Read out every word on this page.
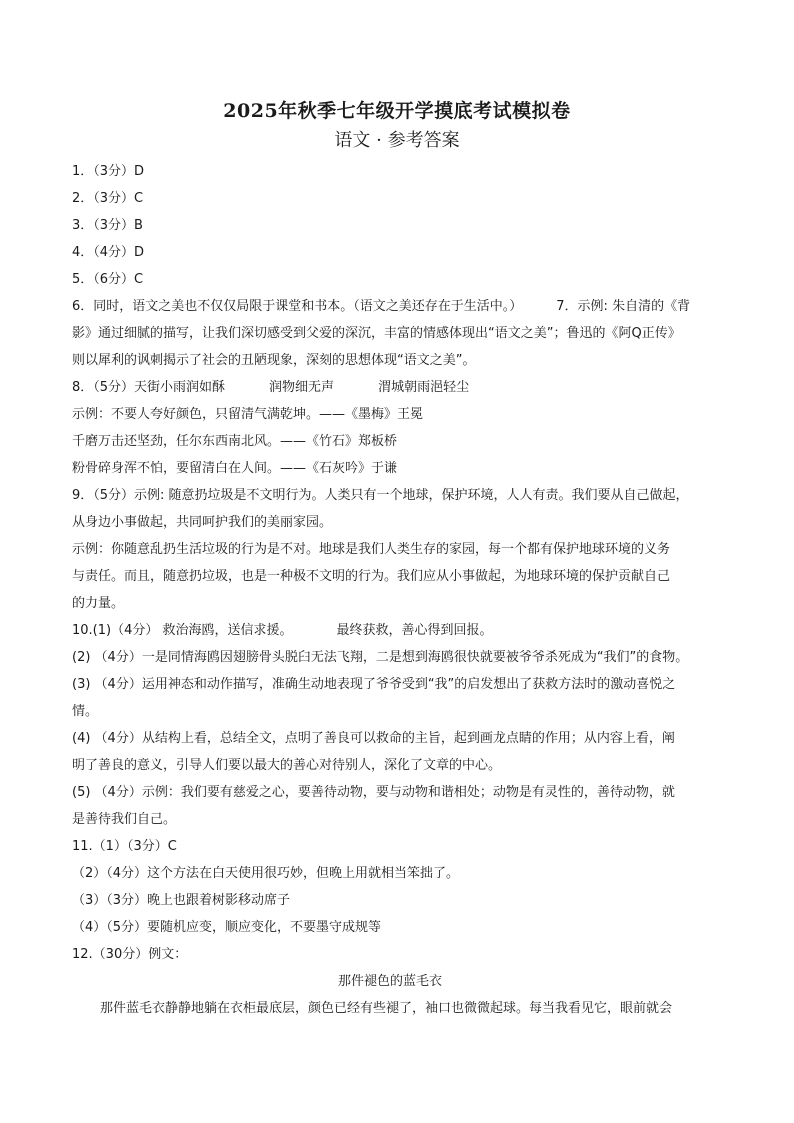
2025年秋季七年级开学摸底考试模拟卷
语文 · 参考答案
1．（3分）D
2．（3分）C
3．（3分）B
4．（4分）D
5．（6分）C
6．同时，语文之美也不仅仅局限于课堂和书本。（语文之美还存在于生活中。）	7．示例: 朱自清的《背
影》通过细腻的描写，让我们深切感受到父爱的深沉，丰富的情感体现出“语文之美”；鲁迅的《阿Q正传》
则以犀利的讽刺揭示了社会的丑陋现象，深刻的思想体现“语文之美”。
8．（5分）天街小雨润如酥	润物细无声	渭城朝雨浥轻尘
示例：不要人夸好颜色，只留清气满乾坤。——《墨梅》王冕
千磨万击还坚劲，任尔东西南北风。——《竹石》郑板桥
粉骨碎身浑不怕，要留清白在人间。——《石灰吟》于谦
9．（5分）示例: 随意扔垃圾是不文明行为。人类只有一个地球，保护环境，人人有责。我们要从自己做起，
从身边小事做起，共同呵护我们的美丽家园。
示例：你随意乱扔生活垃圾的行为是不对。地球是我们人类生存的家园，每一个都有保护地球环境的义务
与责任。而且，随意扔垃圾，也是一种极不文明的行为。我们应从小事做起，为地球环境的保护贡献自己
的力量。
10.(1)（4分） 救治海鸥，送信求援。	最终获救，善心得到回报。
(2) （4分）一是同情海鸥因翅膀骨头脱臼无法飞翔，二是想到海鸥很快就要被爷爷杀死成为“我们”的食物。
(3) （4分）运用神态和动作描写，准确生动地表现了爷爷受到“我”的启发想出了获救方法时的激动喜悦之
情。
(4) （4分）从结构上看，总结全文，点明了善良可以救命的主旨，起到画龙点睛的作用；从内容上看，阐
明了善良的意义，引导人们要以最大的善心对待别人，深化了文章的中心。
(5) （4分）示例：我们要有慈爱之心，要善待动物，要与动物和谐相处；动物是有灵性的，善待动物，就
是善待我们自己。
11.（1）（3分）C
（2）（4分）这个方法在白天使用很巧妙，但晚上用就相当笨拙了。
（3）（3分）晚上也跟着树影移动席子
（4）（5分）要随机应变，顺应变化，不要墨守成规等
12.（30分）例文：
那件褪色的蓝毛衣
那件蓝毛衣静静地躺在衣柜最底层，颜色已经有些褪了，袖口也微微起球。每当我看见它，眼前就会
